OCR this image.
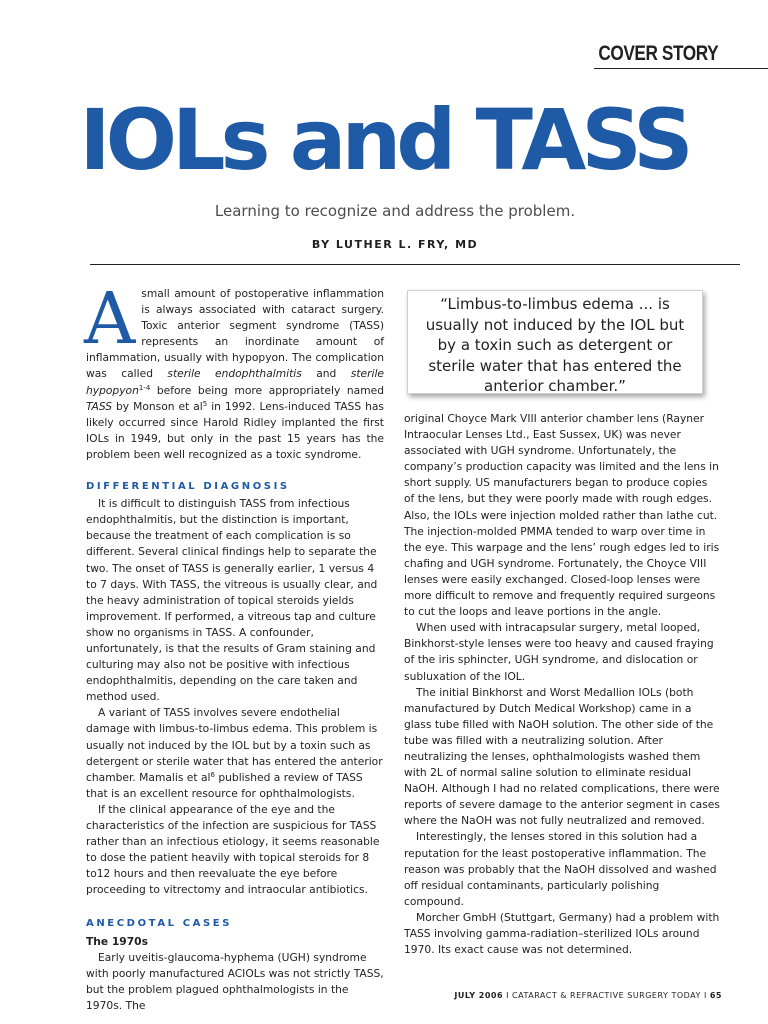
COVER STORY
IOLs and TASS
Learning to recognize and address the problem.
BY LUTHER L. FRY, MD
“Limbus-to-limbus edema ... is usually not induced by the IOL but by a toxin such as detergent or sterile water that has entered the anterior chamber.”

Asmall amount of postoperative inflammation is always associated with cataract surgery. Toxic anterior segment syndrome (TASS) represents an inordinate amount of inflammation, usually with hypopyon. The complication was called sterile endophthalmitis and sterile hypopyon$^{1-4}$ before being more appropriately named TASS by Monson et $al^5$ in 1992. Lens-induced TASS has likely occurred since Harold Ridley implanted the first IOLs in 1949, but only in the past 15 years has the problem been well recognized as a toxic syndrome.

DIFFERENTIAL DIAGNOSIS

It is difficult to distinguish TASS from infectious endophthalmitis, but the distinction is important, because the treatment of each complication is so different. Several clinical findings help to separate the two. The onset of TASS is generally earlier, 1 versus 4 to 7 days. With TASS, the vitreous is usually clear, and the heavy administration of topical steroids yields improvement. If performed, a vitreous tap and culture show no organisms in TASS. A confounder, unfortunately, is that the results of Gram staining and culturing may also not be positive with infectious endophthalmitis, depending on the care taken and method used.

A variant of TASS involves severe endothelial damage with limbus-to-limbus edema. This problem is usually not induced by the IOL but by a toxin such as detergent or sterile water that has entered the anterior chamber. Mamalis et $al^6$ published a review of TASS that is an excellent resource for ophthalmologists.

If the clinical appearance of the eye and the characteristics of the infection are suspicious for TASS rather than an infectious etiology, it seems reasonable to dose the patient heavily with topical steroids for 8 to12 hours and then reevaluate the eye before proceeding to vitrectomy and intraocular antibiotics.

ANECDOTAL CASES

The 1970s

Early uveitis-glaucoma-hyphema (UGH) syndrome with poorly manufactured ACIOLs was not strictly TASS, but the problem plagued ophthalmologists in the 1970s. The

original Choyce Mark VIII anterior chamber lens (Rayner Intraocular Lenses Ltd., East Sussex, UK) was never associated with UGH syndrome. Unfortunately, the company’s production capacity was limited and the lens in short supply. US manufacturers began to produce copies of the lens, but they were poorly made with rough edges. Also, the IOLs were injection molded rather than lathe cut. The injection-molded PMMA tended to warp over time in the eye. This warpage and the lens’ rough edges led to iris chafing and UGH syndrome. Fortunately, the Choyce VIII lenses were easily exchanged. Closed-loop lenses were more difficult to remove and frequently required surgeons to cut the loops and leave portions in the angle.

When used with intracapsular surgery, metal looped, Binkhorst-style lenses were too heavy and caused fraying of the iris sphincter, UGH syndrome, and dislocation or subluxation of the IOL.

The initial Binkhorst and Worst Medallion IOLs (both manufactured by Dutch Medical Workshop) came in a glass tube filled with NaOH solution. The other side of the tube was filled with a neutralizing solution. After neutralizing the lenses, ophthalmologists washed them with 2L of normal saline solution to eliminate residual NaOH. Although I had no related complications, there were reports of severe damage to the anterior segment in cases where the NaOH was not fully neutralized and removed.

Interestingly, the lenses stored in this solution had a reputation for the least postoperative inflammation. The reason was probably that the NaOH dissolved and washed off residual contaminants, particularly polishing compound.

Morcher GmbH (Stuttgart, Germany) had a problem with TASS involving gamma-radiation–sterilized IOLs around 1970. Its exact cause was not determined.

JULY 2006 I CATARACT & REFRACTIVE SURGERY TODAY I 65
